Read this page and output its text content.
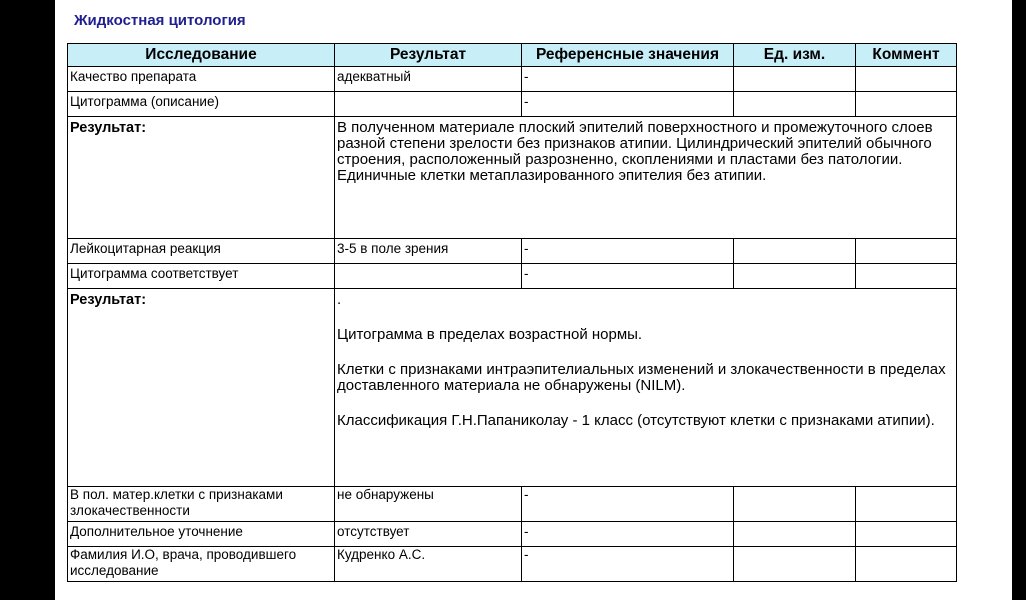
Жидкостная цитология
Исследование	Результат	Референсные значения	Ед. изм.	Коммент
Качество препарата	адекватный	-		
Цитограмма (описание)		-		
Результат:	В полученном материале плоский эпителий поверхностного и промежуточного слоев разной степени зрелости без признаков атипии. Цилиндрический эпителий обычного строения, расположенный разрозненно, скоплениями и пластами без патологии. Единичные клетки метаплазированного эпителия без атипии.			

Лейкоцитарная реакция	3-5 в поле зрения	-		
Цитограмма соответствует		-		
Результат:	.

Цитограмма в пределах возрастной нормы.

Клетки с признаками интраэпителиальных изменений и злокачественности в пределах доставленного материала не обнаружены (NILM).

Классификация Г.Н.Папаниколау - 1 класс (отсутствуют клетки с признаками атипии).			

В пол. матер.клетки с признаками злокачественности	не обнаружены	-		
Дополнительное уточнение	отсутствует	-		
Фамилия И.О, врача, проводившего исследование	Кудренко А.С.	-		
